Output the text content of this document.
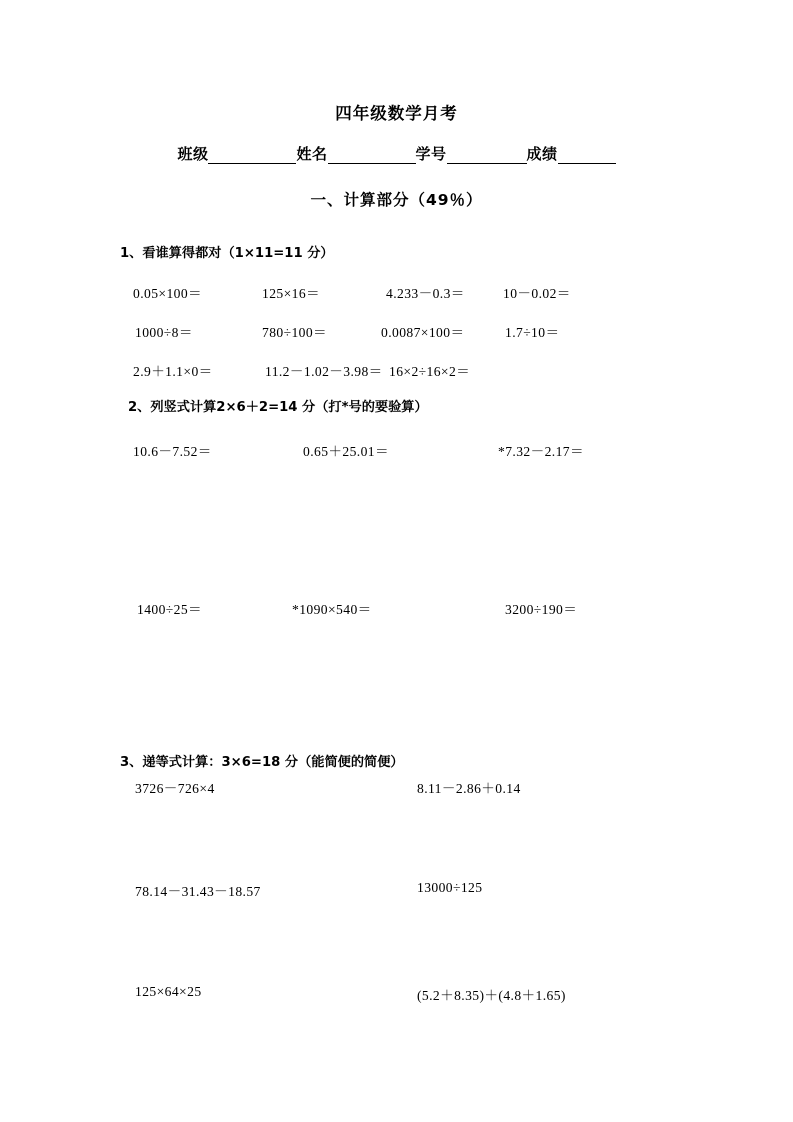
四年级数学月考
班级	姓名	学号	成绩
一、计算部分（49％）
1、看谁算得都对（1×11=11 分）
0.05×100＝	125×16＝	4.233－0.3＝	10－0.02＝
1000÷8＝	780÷100＝	0.0087×100＝	1.7÷10＝
2.9＋1.1×0＝	11.2－1.02－3.98＝ 16×2÷16×2＝
2、列竖式计算2×6＋2=14 分（打*号的要验算）
10.6－7.52＝	0.65＋25.01＝	*7.32－2.17＝
1400÷25＝	*1090×540＝	3200÷190＝
3、递等式计算：3×6=18 分（能简便的简便）
3726－726×4	8.11－2.86＋0.14
78.14－31.43－18.57	13000÷125
125×64×25	(5.2＋8.35)＋(4.8＋1.65)
